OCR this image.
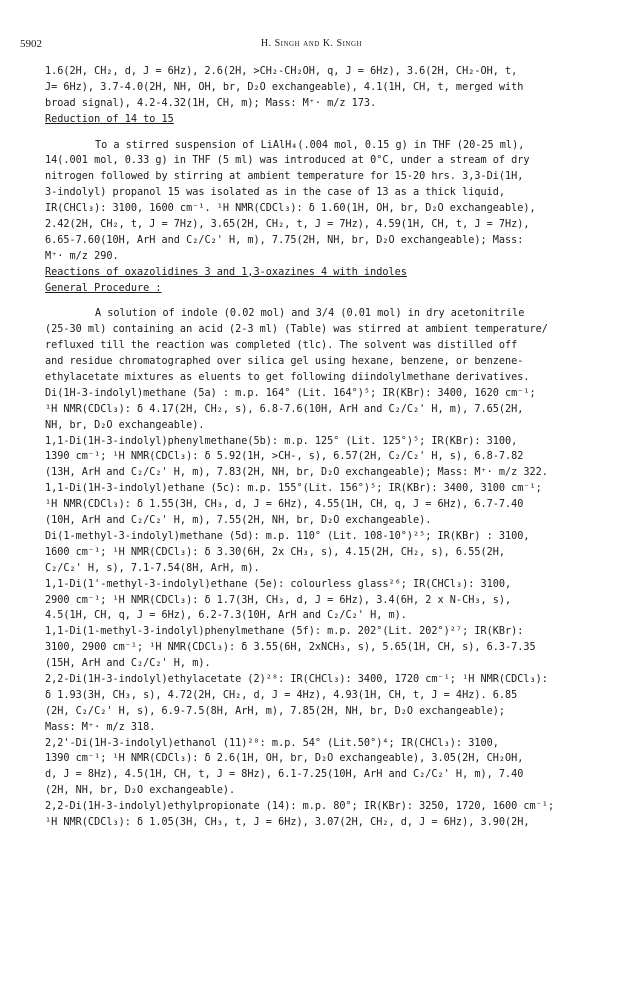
5902	H. Singh and K. Singh
1.6(2H, CH₂, d, J = 6Hz), 2.6(2H, >CH₂-CH₂OH, q, J = 6Hz), 3.6(2H, CH₂-OH, t,
J= 6Hz), 3.7-4.0(2H, NH, OH, br, D₂O exchangeable), 4.1(1H, CH, t, merged with
broad signal), 4.2-4.32(1H, CH, m); Mass: M⁺· m/z 173.
Reduction of 14 to 15
To a stirred suspension of LiAlH₄(.004 mol, 0.15 g) in THF (20-25 ml),
14(.001 mol, 0.33 g) in THF (5 ml) was introduced at 0°C, under a stream of dry
nitrogen followed by stirring at ambient temperature for 15-20 hrs. 3,3-Di(1H,
3-indolyl) propanol 15 was isolated as in the case of 13 as a thick liquid,
IR(CHCl₃): 3100, 1600 cm⁻¹. ¹H NMR(CDCl₃): δ 1.60(1H, OH, br, D₂O exchangeable),
2.42(2H, CH₂, t, J = 7Hz), 3.65(2H, CH₂, t, J = 7Hz), 4.59(1H, CH, t, J = 7Hz),
6.65-7.60(10H, ArH and C₂/C₂' H, m), 7.75(2H, NH, br, D₂O exchangeable); Mass:
M⁺· m/z 290.
Reactions of oxazolidines 3 and 1,3-oxazines 4 with indoles
General Procedure :
A solution of indole (0.02 mol) and 3/4 (0.01 mol) in dry acetonitrile
(25-30 ml) containing an acid (2-3 ml) (Table) was stirred at ambient temperature/
refluxed till the reaction was completed (tlc). The solvent was distilled off
and residue chromatographed over silica gel using hexane, benzene, or benzene-
ethylacetate mixtures as eluents to get following diindolylmethane derivatives.
Di(1H-3-indolyl)methane (5a) : m.p. 164° (Lit. 164°)⁵; IR(KBr): 3400, 1620 cm⁻¹;
¹H NMR(CDCl₃): δ 4.17(2H, CH₂, s), 6.8-7.6(10H, ArH and C₂/C₂' H, m), 7.65(2H,
NH, br, D₂O exchangeable).
1,1-Di(1H-3-indolyl)phenylmethane(5b): m.p. 125° (Lit. 125°)⁵; IR(KBr): 3100,
1390 cm⁻¹; ¹H NMR(CDCl₃): δ 5.92(1H, >CH-, s), 6.57(2H, C₂/C₂' H, s), 6.8-7.82
(13H, ArH and C₂/C₂' H, m), 7.83(2H, NH, br, D₂O exchangeable); Mass: M⁺· m/z 322.
1,1-Di(1H-3-indolyl)ethane (5c): m.p. 155°(Lit. 156°)⁵; IR(KBr): 3400, 3100 cm⁻¹;
¹H NMR(CDCl₃): δ 1.55(3H, CH₃, d, J = 6Hz), 4.55(1H, CH, q, J = 6Hz), 6.7-7.40
(10H, ArH and C₂/C₂' H, m), 7.55(2H, NH, br, D₂O exchangeable).
Di(1-methyl-3-indolyl)methane (5d): m.p. 110° (Lit. 108-10°)²⁵; IR(KBr) : 3100,
1600 cm⁻¹; ¹H NMR(CDCl₃): δ 3.30(6H, 2x CH₃, s), 4.15(2H, CH₂, s), 6.55(2H,
C₂/C₂' H, s), 7.1-7.54(8H, ArH, m).
1,1-Di(1'-methyl-3-indolyl)ethane (5e): colourless glass²⁶; IR(CHCl₃): 3100,
2900 cm⁻¹; ¹H NMR(CDCl₃): δ 1.7(3H, CH₃, d, J = 6Hz), 3.4(6H, 2 x N-CH₃, s),
4.5(1H, CH, q, J = 6Hz), 6.2-7.3(10H, ArH and C₂/C₂' H, m).
1,1-Di(1-methyl-3-indolyl)phenylmethane (5f): m.p. 202°(Lit. 202°)²⁷; IR(KBr):
3100, 2900 cm⁻¹; ¹H NMR(CDCl₃): δ 3.55(6H, 2xNCH₃, s), 5.65(1H, CH, s), 6.3-7.35
(15H, ArH and C₂/C₂' H, m).
2,2-Di(1H-3-indolyl)ethylacetate (2)²⁸: IR(CHCl₃): 3400, 1720 cm⁻¹; ¹H NMR(CDCl₃):
δ 1.93(3H, CH₃, s), 4.72(2H, CH₂, d, J = 4Hz), 4.93(1H, CH, t, J = 4Hz). 6.85
(2H, C₂/C₂' H, s), 6.9-7.5(8H, ArH, m), 7.85(2H, NH, br, D₂O exchangeable);
Mass: M⁺· m/z 318.
2,2'-Di(1H-3-indolyl)ethanol (11)²⁸: m.p. 54° (Lit.50°)⁴; IR(CHCl₃): 3100,
1390 cm⁻¹; ¹H NMR(CDCl₃): δ 2.6(1H, OH, br, D₂O exchangeable), 3.05(2H, CH₂OH,
d, J = 8Hz), 4.5(1H, CH, t, J = 8Hz), 6.1-7.25(10H, ArH and C₂/C₂' H, m), 7.40
(2H, NH, br, D₂O exchangeable).
2,2-Di(1H-3-indolyl)ethylpropionate (14): m.p. 80°; IR(KBr): 3250, 1720, 1600 cm⁻¹;
¹H NMR(CDCl₃): δ 1.05(3H, CH₃, t, J = 6Hz), 3.07(2H, CH₂, d, J = 6Hz), 3.90(2H,
